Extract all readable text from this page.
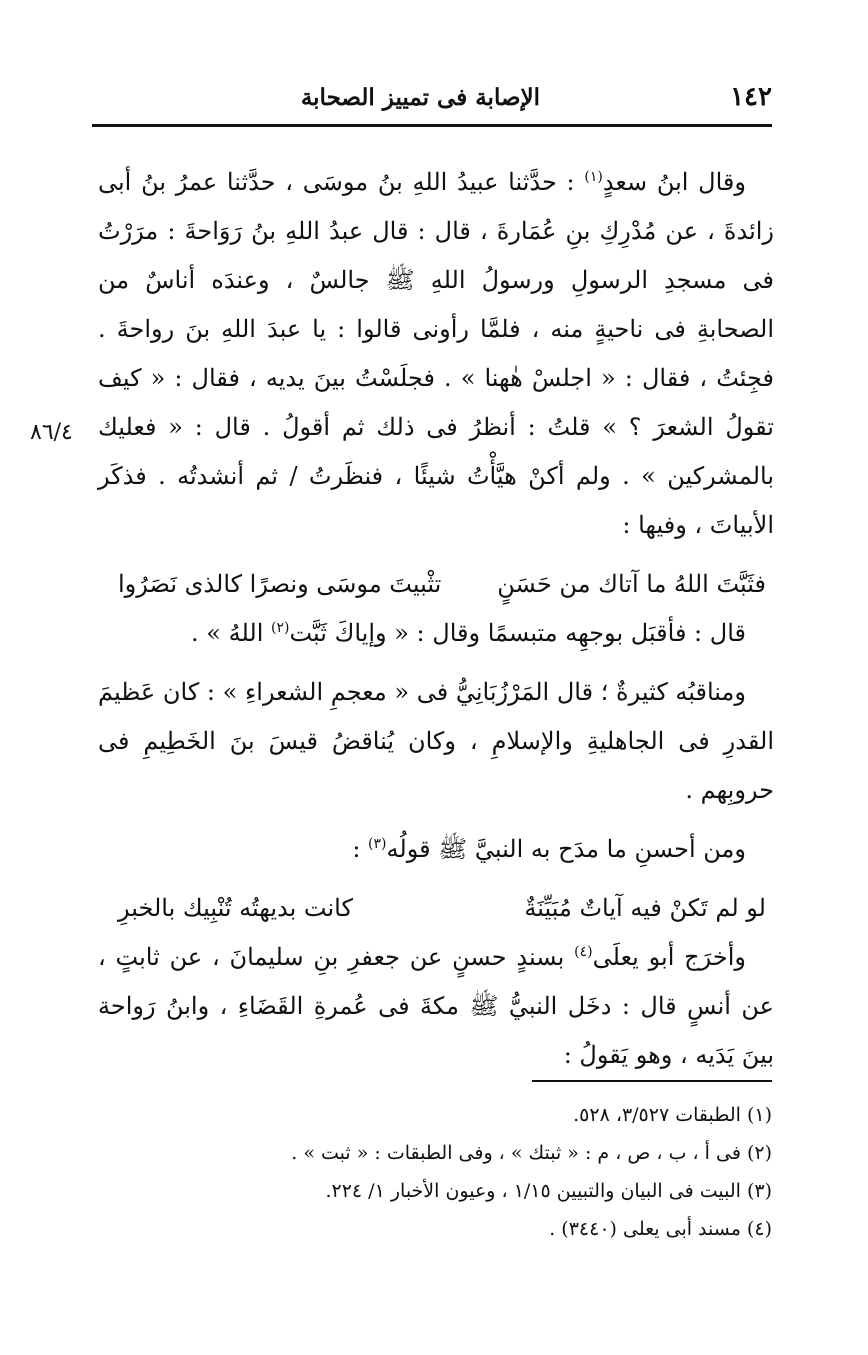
١٤٢
الإصابة فى تمييز الصحابة
٨٦/٤

وقال ابنُ سعدٍ$^{(١)}$ : حدَّثنا عبيدُ اللهِ بنُ موسَى ، حدَّثنا عمرُ بنُ أبى زائدةَ ، عن مُدْرِكِ بنِ عُمَارةَ ، قال : قال عبدُ اللهِ بنُ رَوَاحةَ : مرَرْتُ فى مسجدِ الرسولِ ورسولُ اللهِ ﷺ جالسٌ ، وعندَه أناسٌ من الصحابةِ فى ناحيةٍ منه ، فلمَّا رأونى قالوا : يا عبدَ اللهِ بنَ رواحةَ . فجِئتُ ، فقال : « اجلسْ هٰهنا » . فجلَسْتُ بينَ يديه ، فقال : « كيف تقولُ الشعرَ ؟ » قلتُ : أنظرُ فى ذلك ثم أقولُ . قال : « فعليك بالمشركين » . ولم أكنْ هيَّأْتُ شيئًا ، فنظَرتُ / ثم أنشدتُه . فذكَر الأبياتَ ، وفيها :

فثَبَّتَ اللهُ ما آتاك من حَسَنٍ
تثْبيتَ موسَى ونصرًا كالذى نَصَرُوا

قال : فأقبَل بوجهِه متبسمًا وقال : « وإياكَ ثَبَّت$^{(٢)}$ اللهُ » .

ومناقبُه كثيرةٌ ؛ قال المَرْزُبَانِيُّ فى « معجمِ الشعراءِ » : كان عَظيمَ القدرِ فى الجاهليةِ والإسلامِ ، وكان يُناقضُ قيسَ بنَ الخَطِيمِ فى حروبِهم .

ومن أحسنِ ما مدَح به النبيَّ ﷺ قولُه$^{(٣)}$ :

لو لم تَكنْ فيه آياتٌ مُبَيِّنَةٌ
كانت بديهتُه تُنْبِيك بالخبرِ

وأخرَج أبو يعلَى$^{(٤)}$ بسندٍ حسنٍ عن جعفرِ بنِ سليمانَ ، عن ثابتٍ ، عن أنسٍ قال : دخَل النبيُّ ﷺ مكةَ فى عُمرةِ القَضَاءِ ، وابنُ رَواحة بينَ يَدَيه ، وهو يَقولُ :

(١) الطبقات ٣/٥٢٧، ٥٢٨.
(٢) فى أ ، ب ، ص ، م : « ثبتك » ، وفى الطبقات : « ثبت » .
(٣) البيت فى البيان والتبيين ١/١٥ ، وعيون الأخبار ١/ ٢٢٤.
(٤) مسند أبى يعلى (٣٤٤٠) .
